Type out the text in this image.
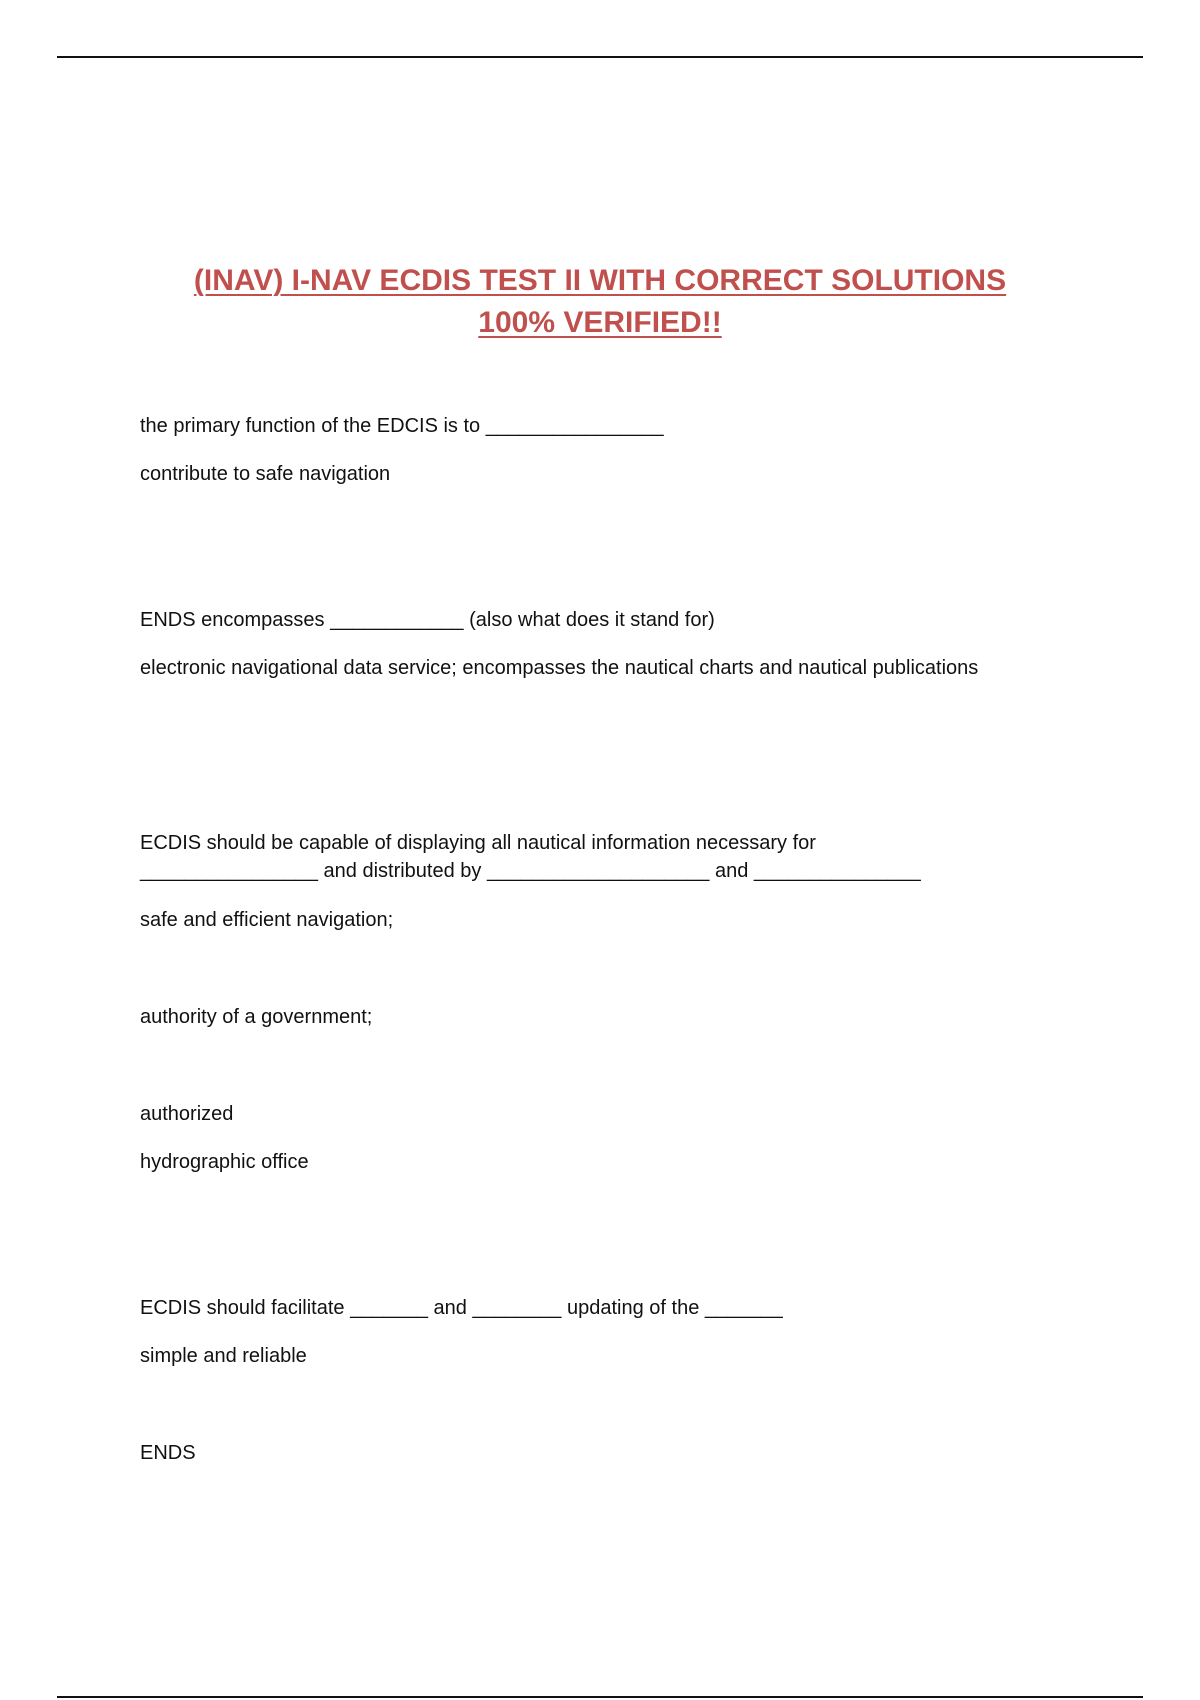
(INAV) I-NAV ECDIS TEST II WITH CORRECT SOLUTIONS
100% VERIFIED!!

the primary function of the EDCIS is to ________________

contribute to safe navigation

ENDS encompasses ____________ (also what does it stand for)

electronic navigational data service; encompasses the nautical charts and nautical publications

ECDIS should be capable of displaying all nautical information necessary for

________________ and distributed by ____________________ and _______________

safe and efficient navigation;

authority of a government;

authorized

hydrographic office

ECDIS should facilitate _______ and ________ updating of the _______

simple and reliable

ENDS
